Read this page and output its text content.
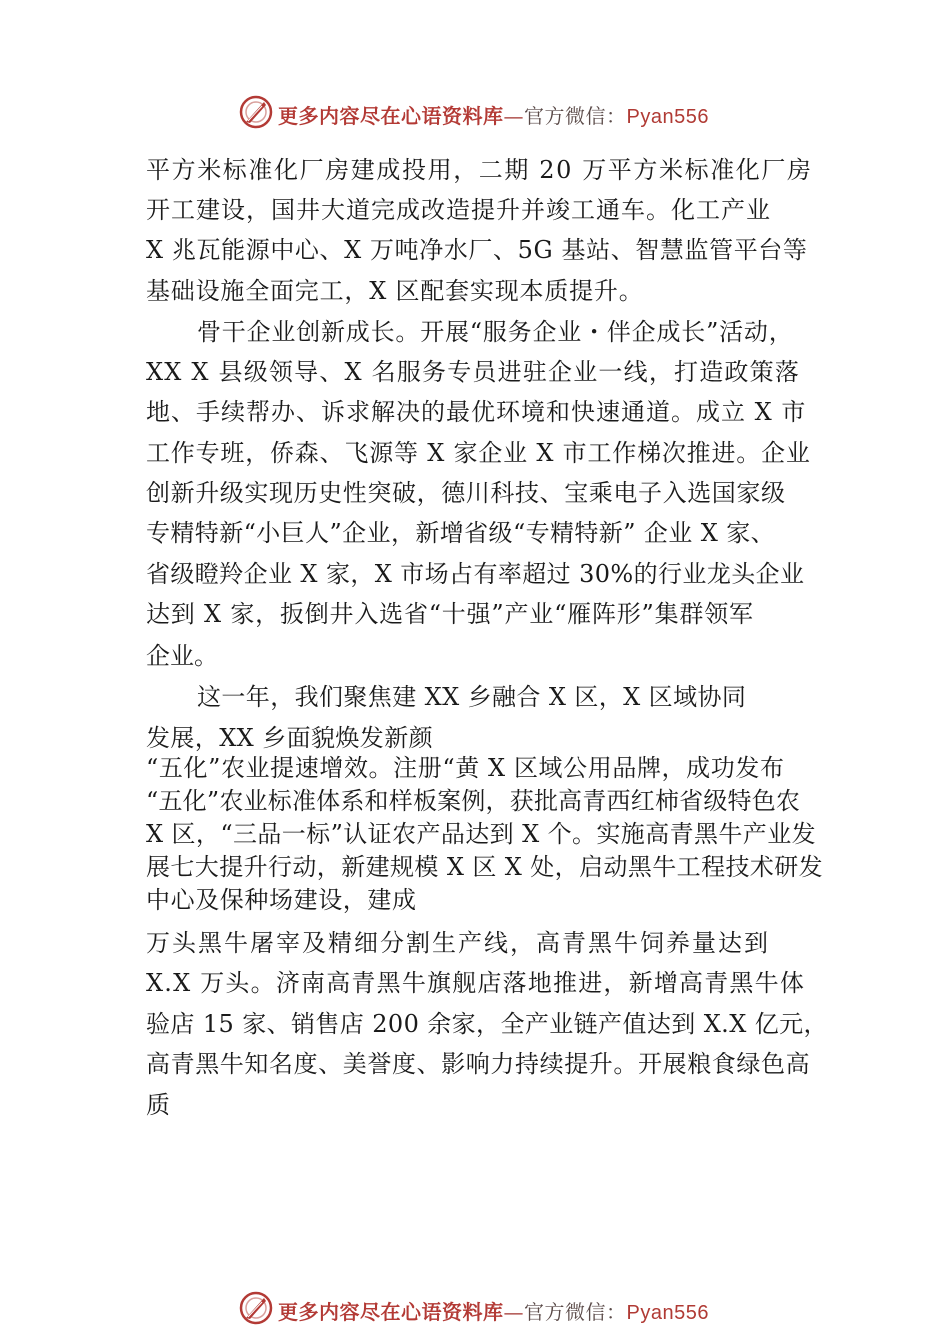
更多内容尽在心语资料库—官方微信：Pyan556
平方米标准化厂房建成投用，二期 20 万平方米标准化厂房
开工建设，国井大道完成改造提升并竣工通车。化工产业
X 兆瓦能源中心、X 万吨净水厂、5G 基站、智慧监管平台等
基础设施全面完工，X 区配套实现本质提升。
骨干企业创新成长。开展“服务企业・伴企成长”活动，
XX X 县级领导、X 名服务专员进驻企业一线，打造政策落
地、手续帮办、诉求解决的最优环境和快速通道。成立 X 市
工作专班，侨森、飞源等 X 家企业 X 市工作梯次推进。企业
创新升级实现历史性突破，德川科技、宝乘电子入选国家级
专精特新“小巨人”企业，新增省级“专精特新” 企业 X 家、
省级瞪羚企业 X 家，X 市场占有率超过 30%的行业龙头企业
达到 X 家，扳倒井入选省“十强”产业“雁阵形”集群领军
企业。
这一年，我们聚焦建 XX 乡融合 X 区，X 区域协同
发展，XX 乡面貌焕发新颜
“五化”农业提速增效。注册“黄 X 区域公用品牌，成功发布
“五化”农业标准体系和样板案例，获批高青西红柿省级特色农
X 区，“三品一标”认证农产品达到 X 个。实施高青黑牛产业发
展七大提升行动，新建规模 X 区 X 处，启动黑牛工程技术研发
中心及保种场建设，建成
万头黑牛屠宰及精细分割生产线，高青黑牛饲养量达到
X.X 万头。济南高青黑牛旗舰店落地推进，新增高青黑牛体
验店 15 家、销售店 200 余家，全产业链产值达到 X.X 亿元，
高青黑牛知名度、美誉度、影响力持续提升。开展粮食绿色高
质
更多内容尽在心语资料库—官方微信：Pyan556
